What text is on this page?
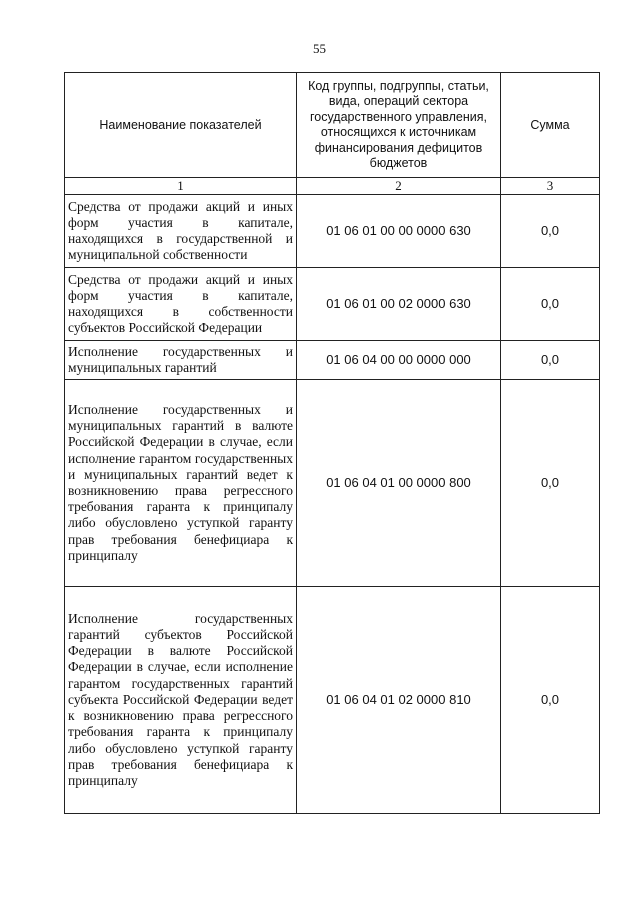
55
Наименование показателей	Код группы, подгруппы, статьи, вида, операций сектора государственного управления, относящихся к источникам финансирования дефицитов бюджетов	Сумма
1	2	3
Средства от продажи акций и иных форм участия в капитале, находящихся в государственной и муниципальной собственности	01 06 01 00 00 0000 630	0,0
Средства от продажи акций и иных форм участия в капитале, находящихся в собственности субъектов Российской Федерации	01 06 01 00 02 0000 630	0,0
Исполнение государственных и муниципальных гарантий	01 06 04 00 00 0000 000	0,0
Исполнение государственных и муниципальных гарантий в валюте Российской Федерации в случае, если исполнение гарантом государственных и муниципальных гарантий ведет к возникновению права регрессного требования гаранта к принципалу либо обусловлено уступкой гаранту прав требования бенефициара к принципалу	01 06 04 01 00 0000 800	0,0
Исполнение государственных гарантий субъектов Российской Федерации в валюте Российской Федерации в случае, если исполнение гарантом государственных гарантий субъекта Российской Федерации ведет к возникновению права регрессного требования гаранта к принципалу либо обусловлено уступкой гаранту прав требования бенефициара к принципалу	01 06 04 01 02 0000 810	0,0
